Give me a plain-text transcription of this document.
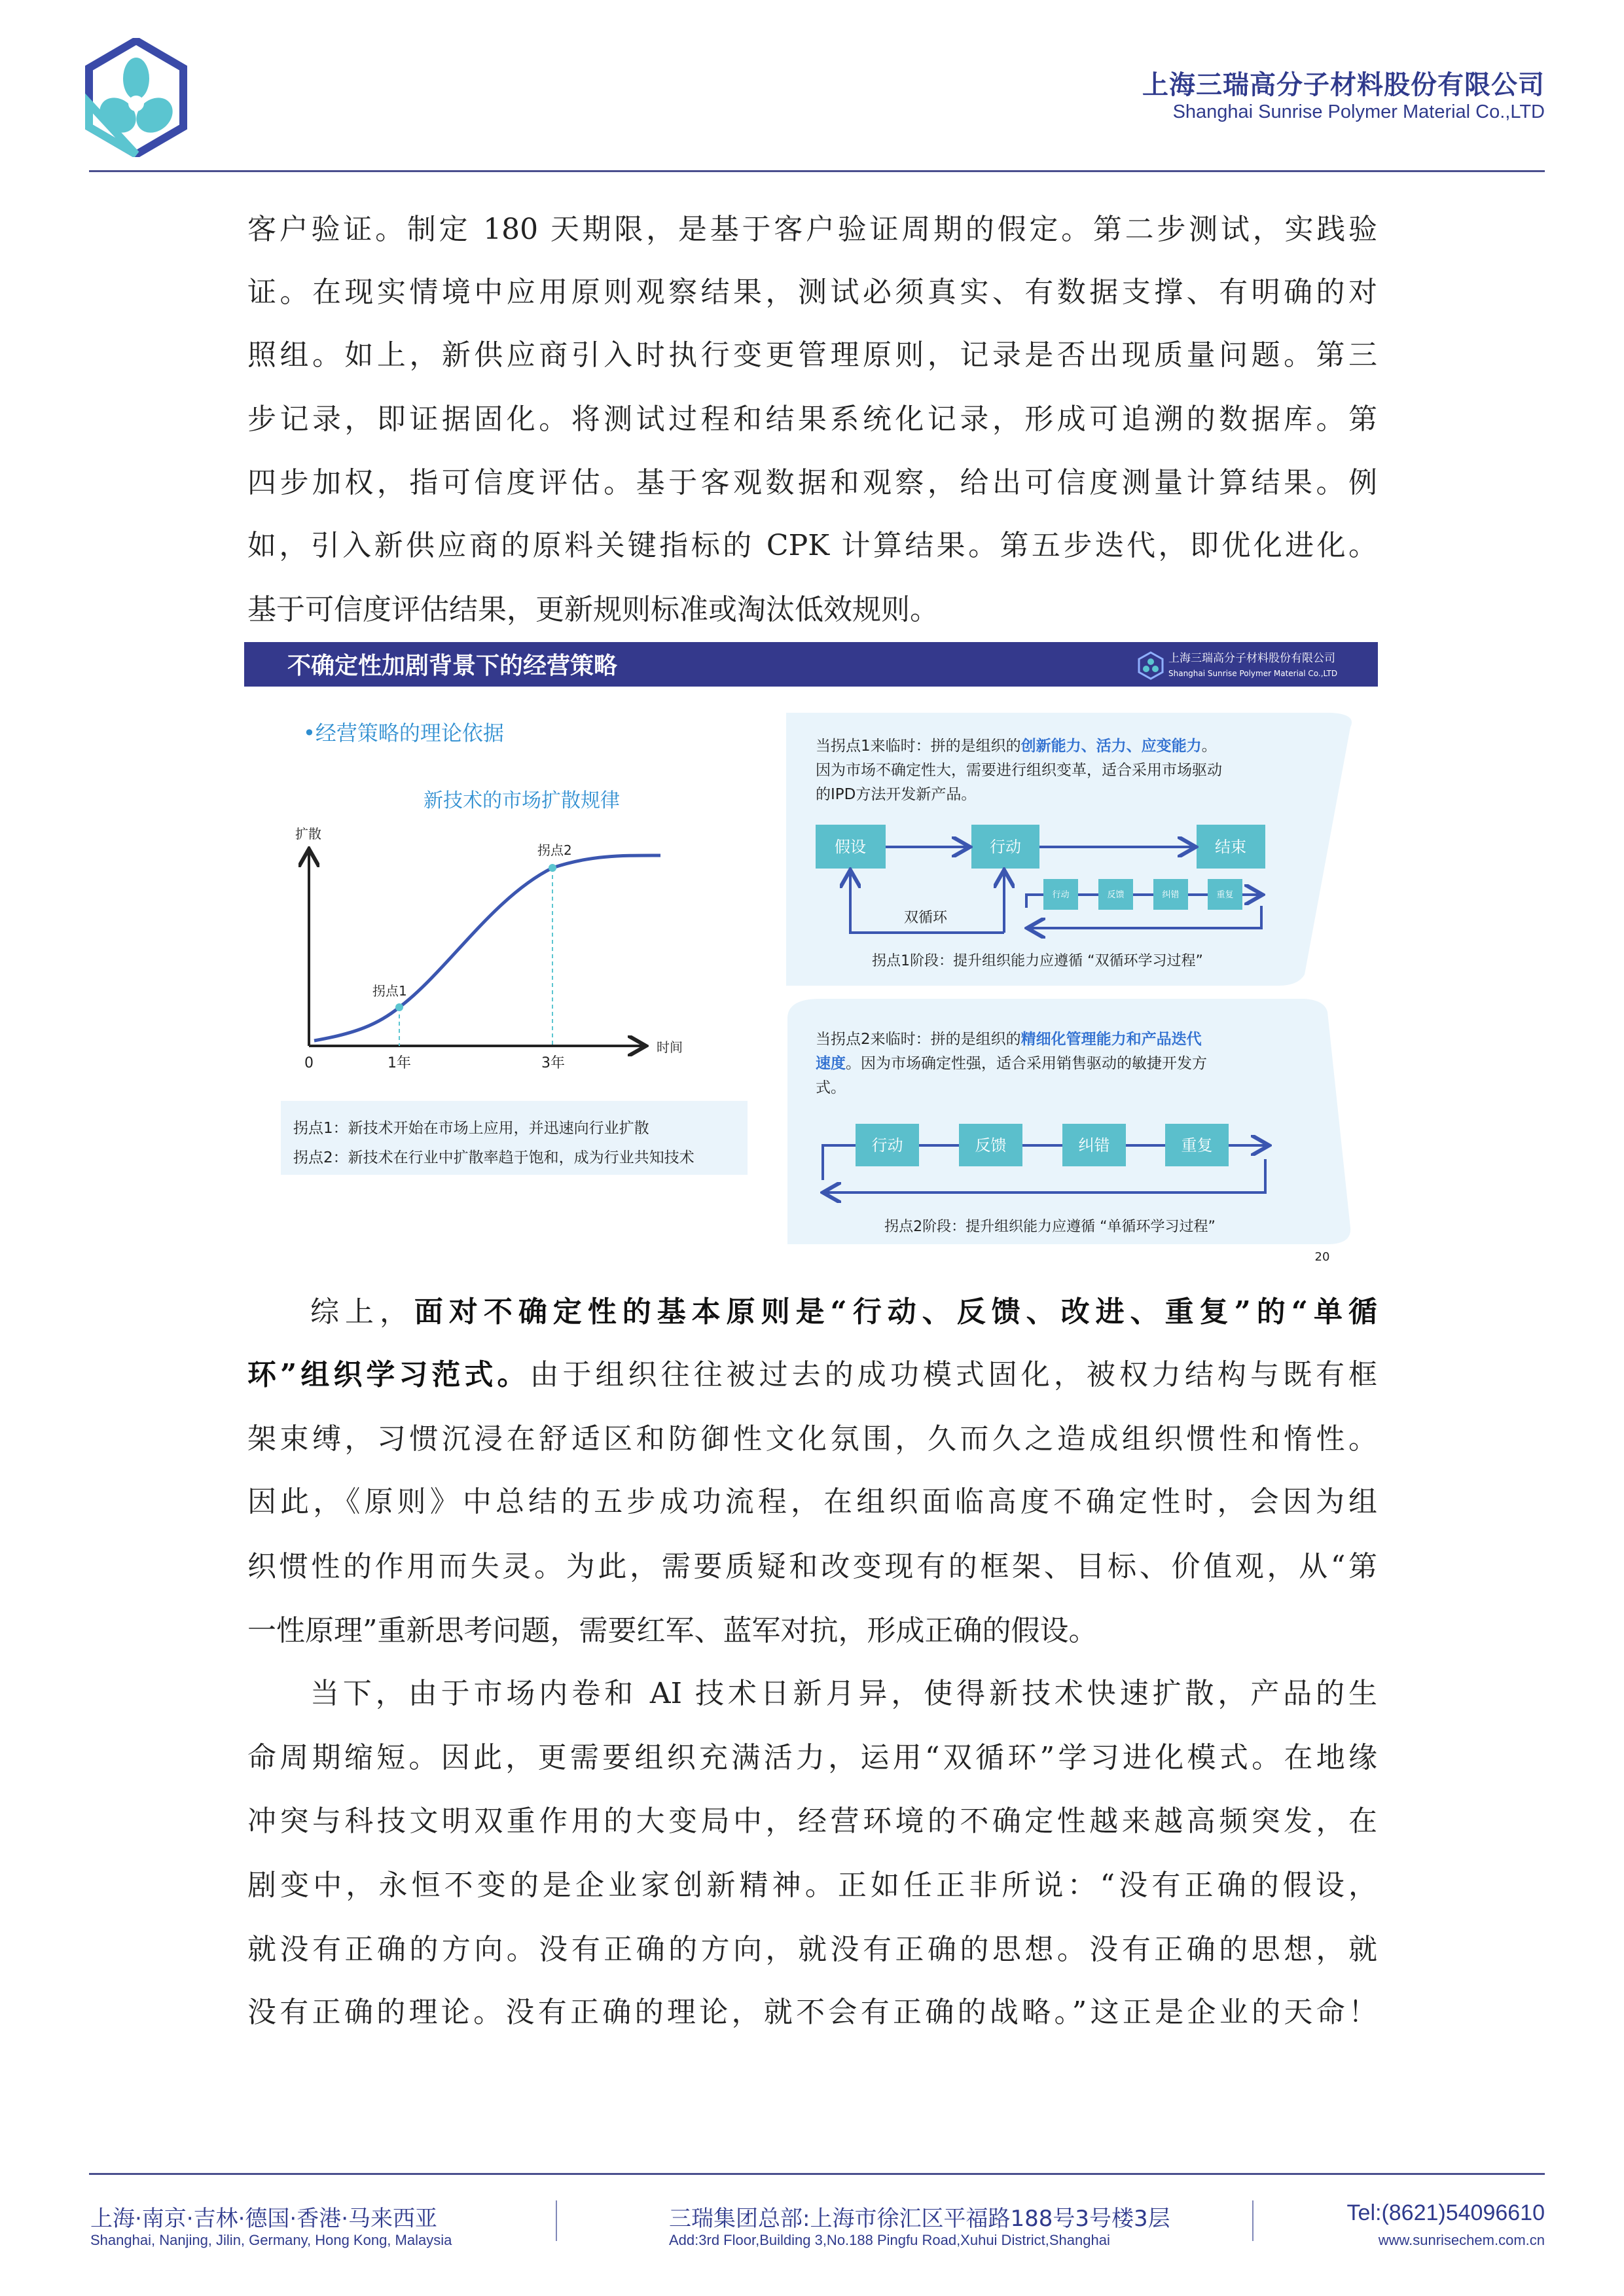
上海三瑞高分子材料股份有限公司
Shanghai Sunrise Polymer Material Co.,LTD
客户验证。制定 180 天期限，是基于客户验证周期的假定。第二步测试，实践验
证。在现实情境中应用原则观察结果，测试必须真实、有数据支撑、有明确的对
照组。如上，新供应商引入时执行变更管理原则，记录是否出现质量问题。第三
步记录，即证据固化。将测试过程和结果系统化记录，形成可追溯的数据库。第
四步加权，指可信度评估。基于客观数据和观察，给出可信度测量计算结果。例
如，引入新供应商的原料关键指标的 CPK 计算结果。第五步迭代，即优化进化。
基于可信度评估结果，更新规则标准或淘汰低效规则。
综上，面对不确定性的基本原则是“行动、反馈、改进、重复”的“单循
环”组织学习范式。由于组织往往被过去的成功模式固化，被权力结构与既有框
架束缚，习惯沉浸在舒适区和防御性文化氛围，久而久之造成组织惯性和惰性。
因此，《原则》中总结的五步成功流程，在组织面临高度不确定性时，会因为组
织惯性的作用而失灵。为此，需要质疑和改变现有的框架、目标、价值观，从“第
一性原理”重新思考问题，需要红军、蓝军对抗，形成正确的假设。
当下，由于市场内卷和 AI 技术日新月异，使得新技术快速扩散，产品的生
命周期缩短。因此，更需要组织充满活力，运用“双循环”学习进化模式。在地缘
冲突与科技文明双重作用的大变局中，经营环境的不确定性越来越高频突发，在
剧变中，永恒不变的是企业家创新精神。正如任正非所说：“没有正确的假设，
就没有正确的方向。没有正确的方向，就没有正确的思想。没有正确的思想，就
没有正确的理论。没有正确的理论，就不会有正确的战略。”这正是企业的天命！
不确定性加剧背景下的经营策略	上海三瑞高分子材料股份有限公司
Shanghai Sunrise Polymer Material Co.,LTD
•经营策略的理论依据
新技术的市场扩散规律
扩散
时间
0	1年	3年
拐点1
拐点2
拐点1：新技术开始在市场上应用，并迅速向行业扩散
拐点2：新技术在行业中扩散率趋于饱和，成为行业共知技术
当拐点1来临时：拼的是组织的创新能力、活力、应变能力。
因为市场不确定性大，需要进行组织变革，适合采用市场驱动
的IPD方法开发新产品。
假设	行动	结束
双循环
行动	反馈	纠错	重复
拐点1阶段：提升组织能力应遵循 “双循环学习过程”
当拐点2来临时：拼的是组织的精细化管理能力和产品迭代
速度。因为市场确定性强，适合采用销售驱动的敏捷开发方
式。
行动	反馈	纠错	重复
拐点2阶段：提升组织能力应遵循 “单循环学习过程”
20
上海·南京·吉林·德国·香港·马来西亚
Shanghai, Nanjing, Jilin, Germany, Hong Kong, Malaysia
三瑞集团总部:上海市徐汇区平福路188号3号楼3层
Add:3rd Floor,Building 3,No.188 Pingfu Road,Xuhui District,Shanghai
Tel:(8621)54096610
www.sunrisechem.com.cn
